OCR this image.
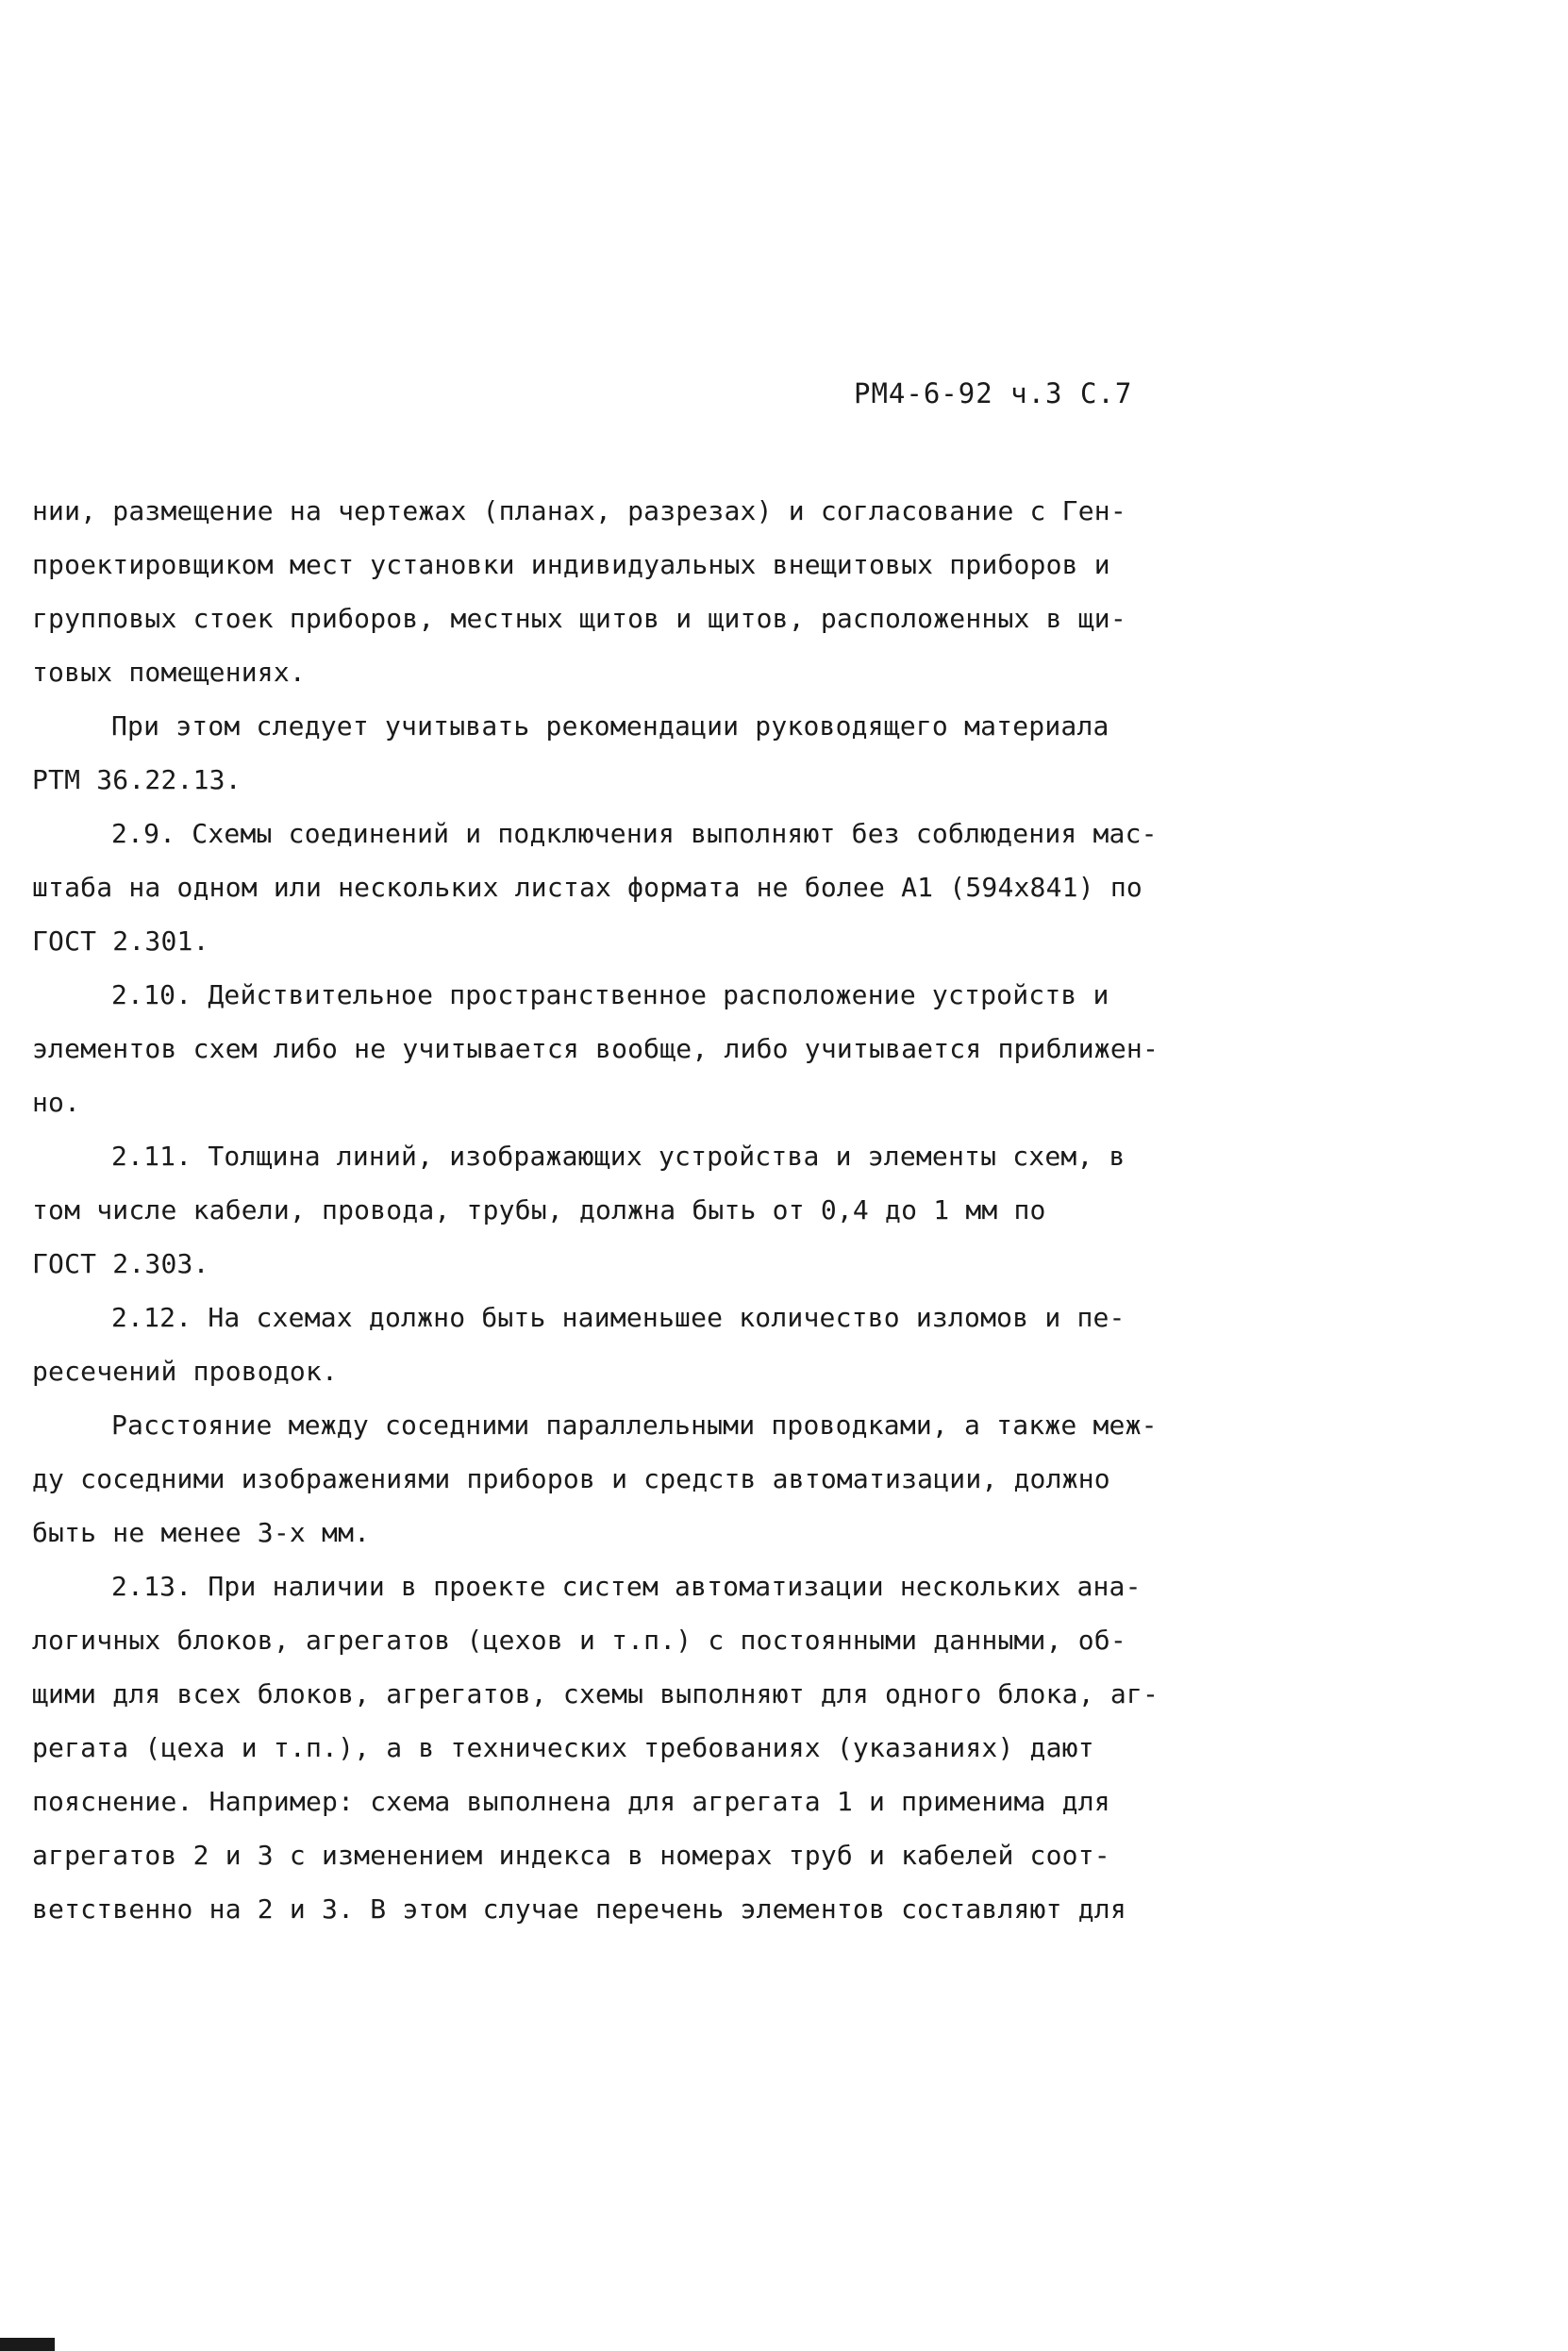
РМ4-6-92 ч.3 С.7
нии, размещение на чертежах (планах, разрезах) и согласование с Ген-
проектировщиком мест установки индивидуальных внещитовых приборов и
групповых стоек приборов, местных щитов и щитов, расположенных в щи-
товых помещениях.
При этом следует учитывать рекомендации руководящего материала
РТМ 36.22.13.
2.9. Схемы соединений и подключения выполняют без соблюдения мас-
штаба на одном или нескольких листах формата не более А1 (594x841) по
ГОСТ 2.301.
2.10. Действительное пространственное расположение устройств и
элементов схем либо не учитывается вообще, либо учитывается приближен-
но.
2.11. Толщина линий, изображающих устройства и элементы схем, в
том числе кабели, провода, трубы, должна быть от 0,4 до 1 мм по
ГОСТ 2.303.
2.12. На схемах должно быть наименьшее количество изломов и пе-
ресечений проводок.
Расстояние между соседними параллельными проводками, а также меж-
ду соседними изображениями приборов и средств автоматизации, должно
быть не менее 3-х мм.
2.13. При наличии в проекте систем автоматизации нескольких ана-
логичных блоков, агрегатов (цехов и т.п.) с постоянными данными, об-
щими для всех блоков, агрегатов, схемы выполняют для одного блока, аг-
регата (цеха и т.п.), а в технических требованиях (указаниях) дают
пояснение. Например: схема выполнена для агрегата 1 и применима для
агрегатов 2 и 3 с изменением индекса в номерах труб и кабелей соот-
ветственно на 2 и 3. В этом случае перечень элементов составляют для
